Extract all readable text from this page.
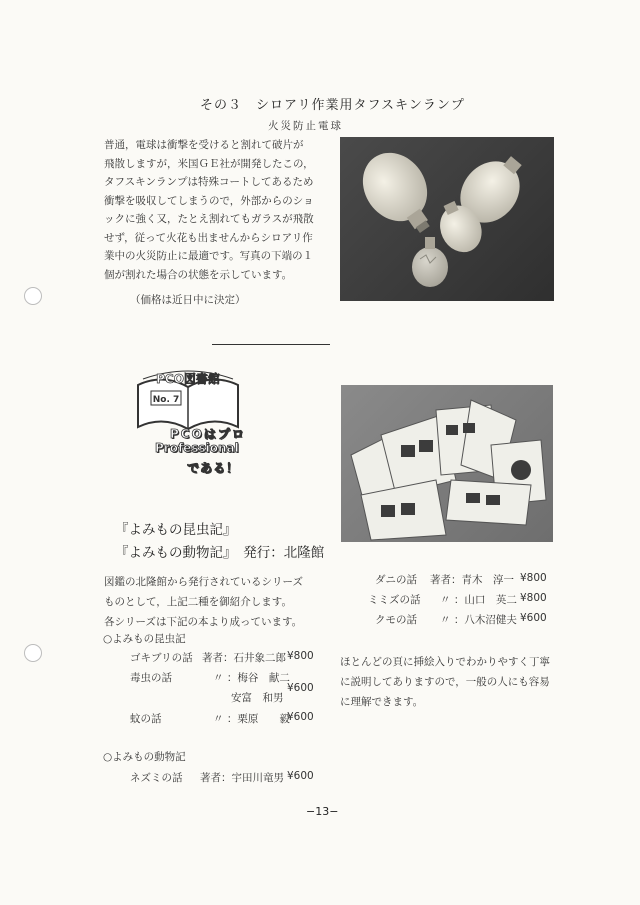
その３　シロアリ作業用タフスキンランプ
火災防止電球

普通，電球は衝撃を受けると割れて破片が

飛散しますが，米国ＧＥ社が開発したこの，

タフスキンランプは特殊コートしてあるため

衝撃を吸収してしまうので，外部からのショ

ックに強く又，たとえ割れてもガラスが飛散

せず，従って火花も出ませんからシロアリ作

業中の火災防止に最適です。写真の下端の１

個が割れた場合の状態を示しています。

（価格は近日中に決定）
PCO図書館
No. 7
PCOはプロ
Professional
である！
『よみもの昆虫記』
『よみもの動物記』　発行：北隆館

図鑑の北隆館から発行されているシリーズ

ものとして，上記二種を御紹介します。

各シリーズは下記の本より成っています。

○よみもの昆虫記
ゴキブリの話 著者：石井象二郎 ¥800
毒虫の話	〃 ：梅谷　献二
安富　和男
¥600
蚊の話	〃 ：栗原　　毅
¥600
○よみもの動物記
ネズミの話 著者：宇田川竜男 ¥600
ダニの話 著者：青木　淳一 ¥800
ミミズの話 〃 ：山口　英二 ¥800
クモの話 〃 ：八木沼健夫 ¥600

ほとんどの頁に挿絵入りでわかりやすく丁寧

に説明してありますので，一般の人にも容易

に理解できます。

−13−
